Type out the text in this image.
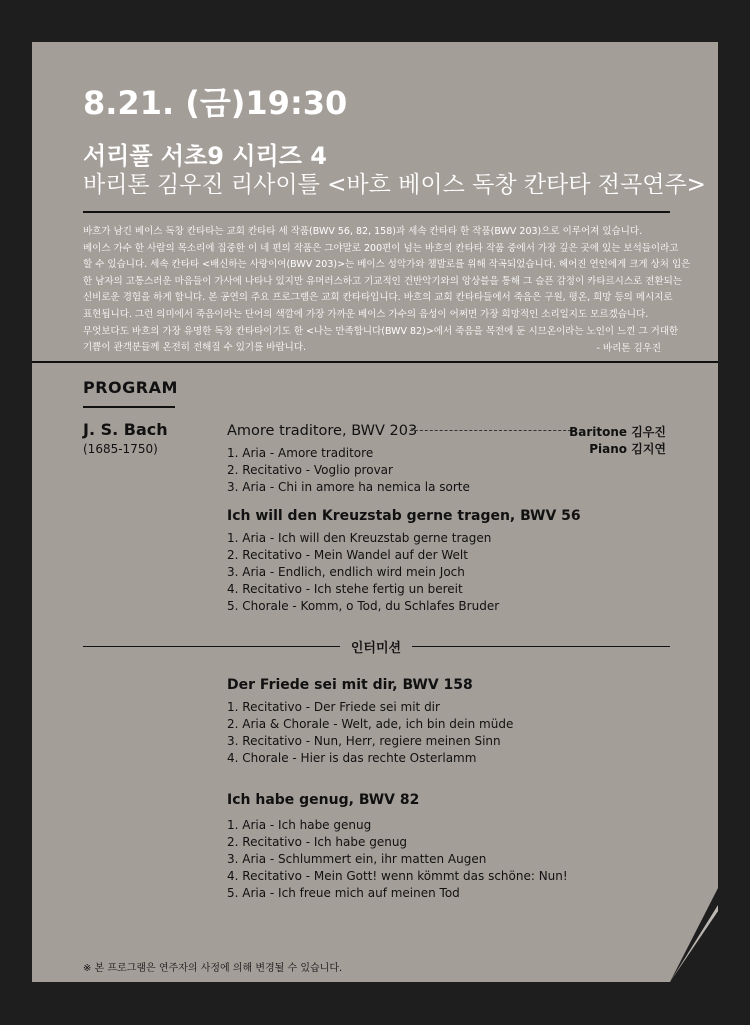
8.21. (금)19:30
서리풀 서초9 시리즈 4
바리톤 김우진 리사이틀 <바흐 베이스 독창 칸타타 전곡연주>

바흐가 남긴 베이스 독창 칸타타는 교회 칸타타 세 작품(BWV 56, 82, 158)과 세속 칸타타 한 작품(BWV 203)으로 이루어져 있습니다.

베이스 가수 한 사람의 목소리에 집중한 이 네 편의 작품은 그야말로 200편이 넘는 바흐의 칸타타 작품 중에서 가장 깊은 곳에 있는 보석들이라고

할 수 있습니다. 세속 칸타타 <배신하는 사랑이여(BWV 203)>는 베이스 성악가와 챔발로를 위해 작곡되었습니다. 헤어진 연인에게 크게 상처 입은

한 남자의 고통스러운 마음들이 가사에 나타나 있지만 유머러스하고 기교적인 건반악기와의 앙상블을 통해 그 슬픈 감정이 카타르시스로 전환되는

신비로운 경험을 하게 합니다. 본 공연의 주요 프로그램은 교회 칸타타입니다. 바흐의 교회 칸타타들에서 죽음은 구원, 평온, 희망 등의 메시지로

표현됩니다. 그런 의미에서 죽음이라는 단어의 색깔에 가장 가까운 베이스 가수의 음성이 어쩌면 가장 희망적인 소리일지도 모르겠습니다.

무엇보다도 바흐의 가장 유명한 독창 칸타타이기도 한 <나는 만족합니다(BWV 82)>에서 죽음을 목전에 둔 시므온이라는 노인이 느낀 그 거대한

기쁨이 관객분들께 온전히 전해질 수 있기를 바랍니다.	- 바리톤 김우진
PROGRAM
J. S. Bach
(1685-1750)
Amore traditore, BWV 203	Baritone 김우진
Piano 김지연
1. Aria - Amore traditore
2. Recitativo - Voglio provar
3. Aria - Chi in amore ha nemica la sorte
Ich will den Kreuzstab gerne tragen, BWV 56
1. Aria - Ich will den Kreuzstab gerne tragen
2. Recitativo - Mein Wandel auf der Welt
3. Aria - Endlich, endlich wird mein Joch
4. Recitativo - Ich stehe fertig un bereit
5. Chorale - Komm, o Tod, du Schlafes Bruder
인터미션
Der Friede sei mit dir, BWV 158
1. Recitativo - Der Friede sei mit dir
2. Aria & Chorale - Welt, ade, ich bin dein müde
3. Recitativo - Nun, Herr, regiere meinen Sinn
4. Chorale - Hier is das rechte Osterlamm
Ich habe genug, BWV 82
1. Aria - Ich habe genug
2. Recitativo - Ich habe genug
3. Aria - Schlummert ein, ihr matten Augen
4. Recitativo - Mein Gott! wenn kömmt das schöne: Nun!
5. Aria - Ich freue mich auf meinen Tod
※ 본 프로그램은 연주자의 사정에 의해 변경될 수 있습니다.
